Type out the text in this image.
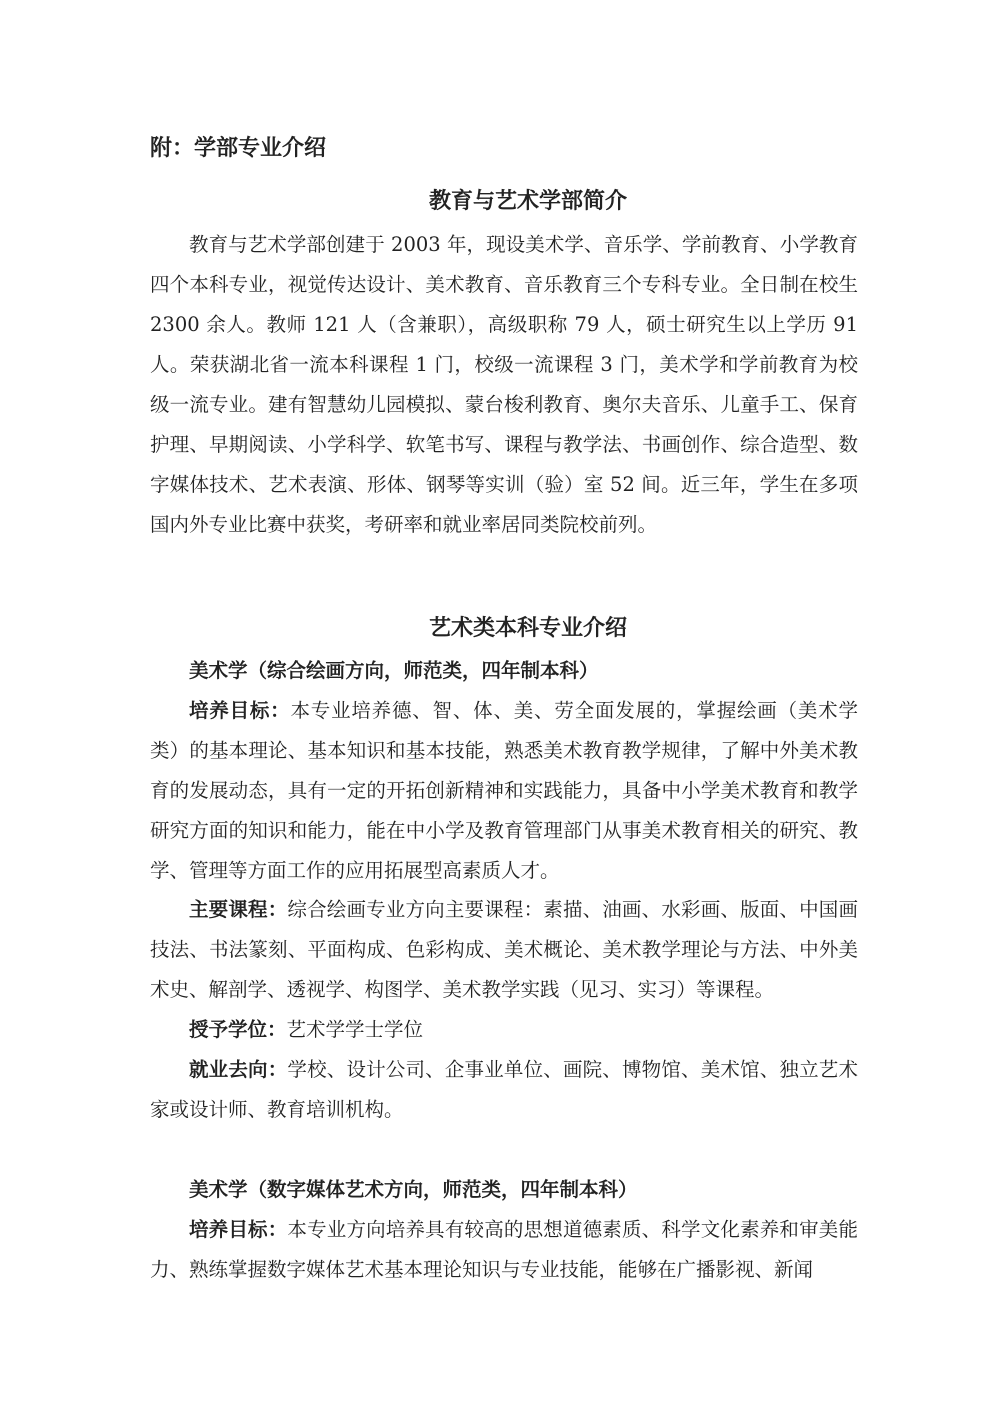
附：学部专业介绍
教育与艺术学部简介

教育与艺术学部创建于 2003 年，现设美术学、音乐学、学前教育、小学教育四个本科专业，视觉传达设计、美术教育、音乐教育三个专科专业。全日制在校生 2300 余人。教师 121 人（含兼职），高级职称 79 人，硕士研究生以上学历 91 人。荣获湖北省一流本科课程 1 门，校级一流课程 3 门，美术学和学前教育为校级一流专业。建有智慧幼儿园模拟、蒙台梭利教育、奥尔夫音乐、儿童手工、保育护理、早期阅读、小学科学、软笔书写、课程与教学法、书画创作、综合造型、数字媒体技术、艺术表演、形体、钢琴等实训（验）室 52 间。近三年，学生在多项国内外专业比赛中获奖，考研率和就业率居同类院校前列。

艺术类本科专业介绍
美术学（综合绘画方向，师范类，四年制本科）

培养目标：本专业培养德、智、体、美、劳全面发展的，掌握绘画（美术学类）的基本理论、基本知识和基本技能，熟悉美术教育教学规律，了解中外美术教育的发展动态，具有一定的开拓创新精神和实践能力，具备中小学美术教育和教学研究方面的知识和能力，能在中小学及教育管理部门从事美术教育相关的研究、教学、管理等方面工作的应用拓展型高素质人才。

主要课程：综合绘画专业方向主要课程：素描、油画、水彩画、版面、中国画技法、书法篆刻、平面构成、色彩构成、美术概论、美术教学理论与方法、中外美术史、解剖学、透视学、构图学、美术教学实践（见习、实习）等课程。

授予学位：艺术学学士学位

就业去向：学校、设计公司、企事业单位、画院、博物馆、美术馆、独立艺术家或设计师、教育培训机构。

美术学（数字媒体艺术方向，师范类，四年制本科）

培养目标：本专业方向培养具有较高的思想道德素质、科学文化素养和审美能力、熟练掌握数字媒体艺术基本理论知识与专业技能，能够在广播影视、新闻
